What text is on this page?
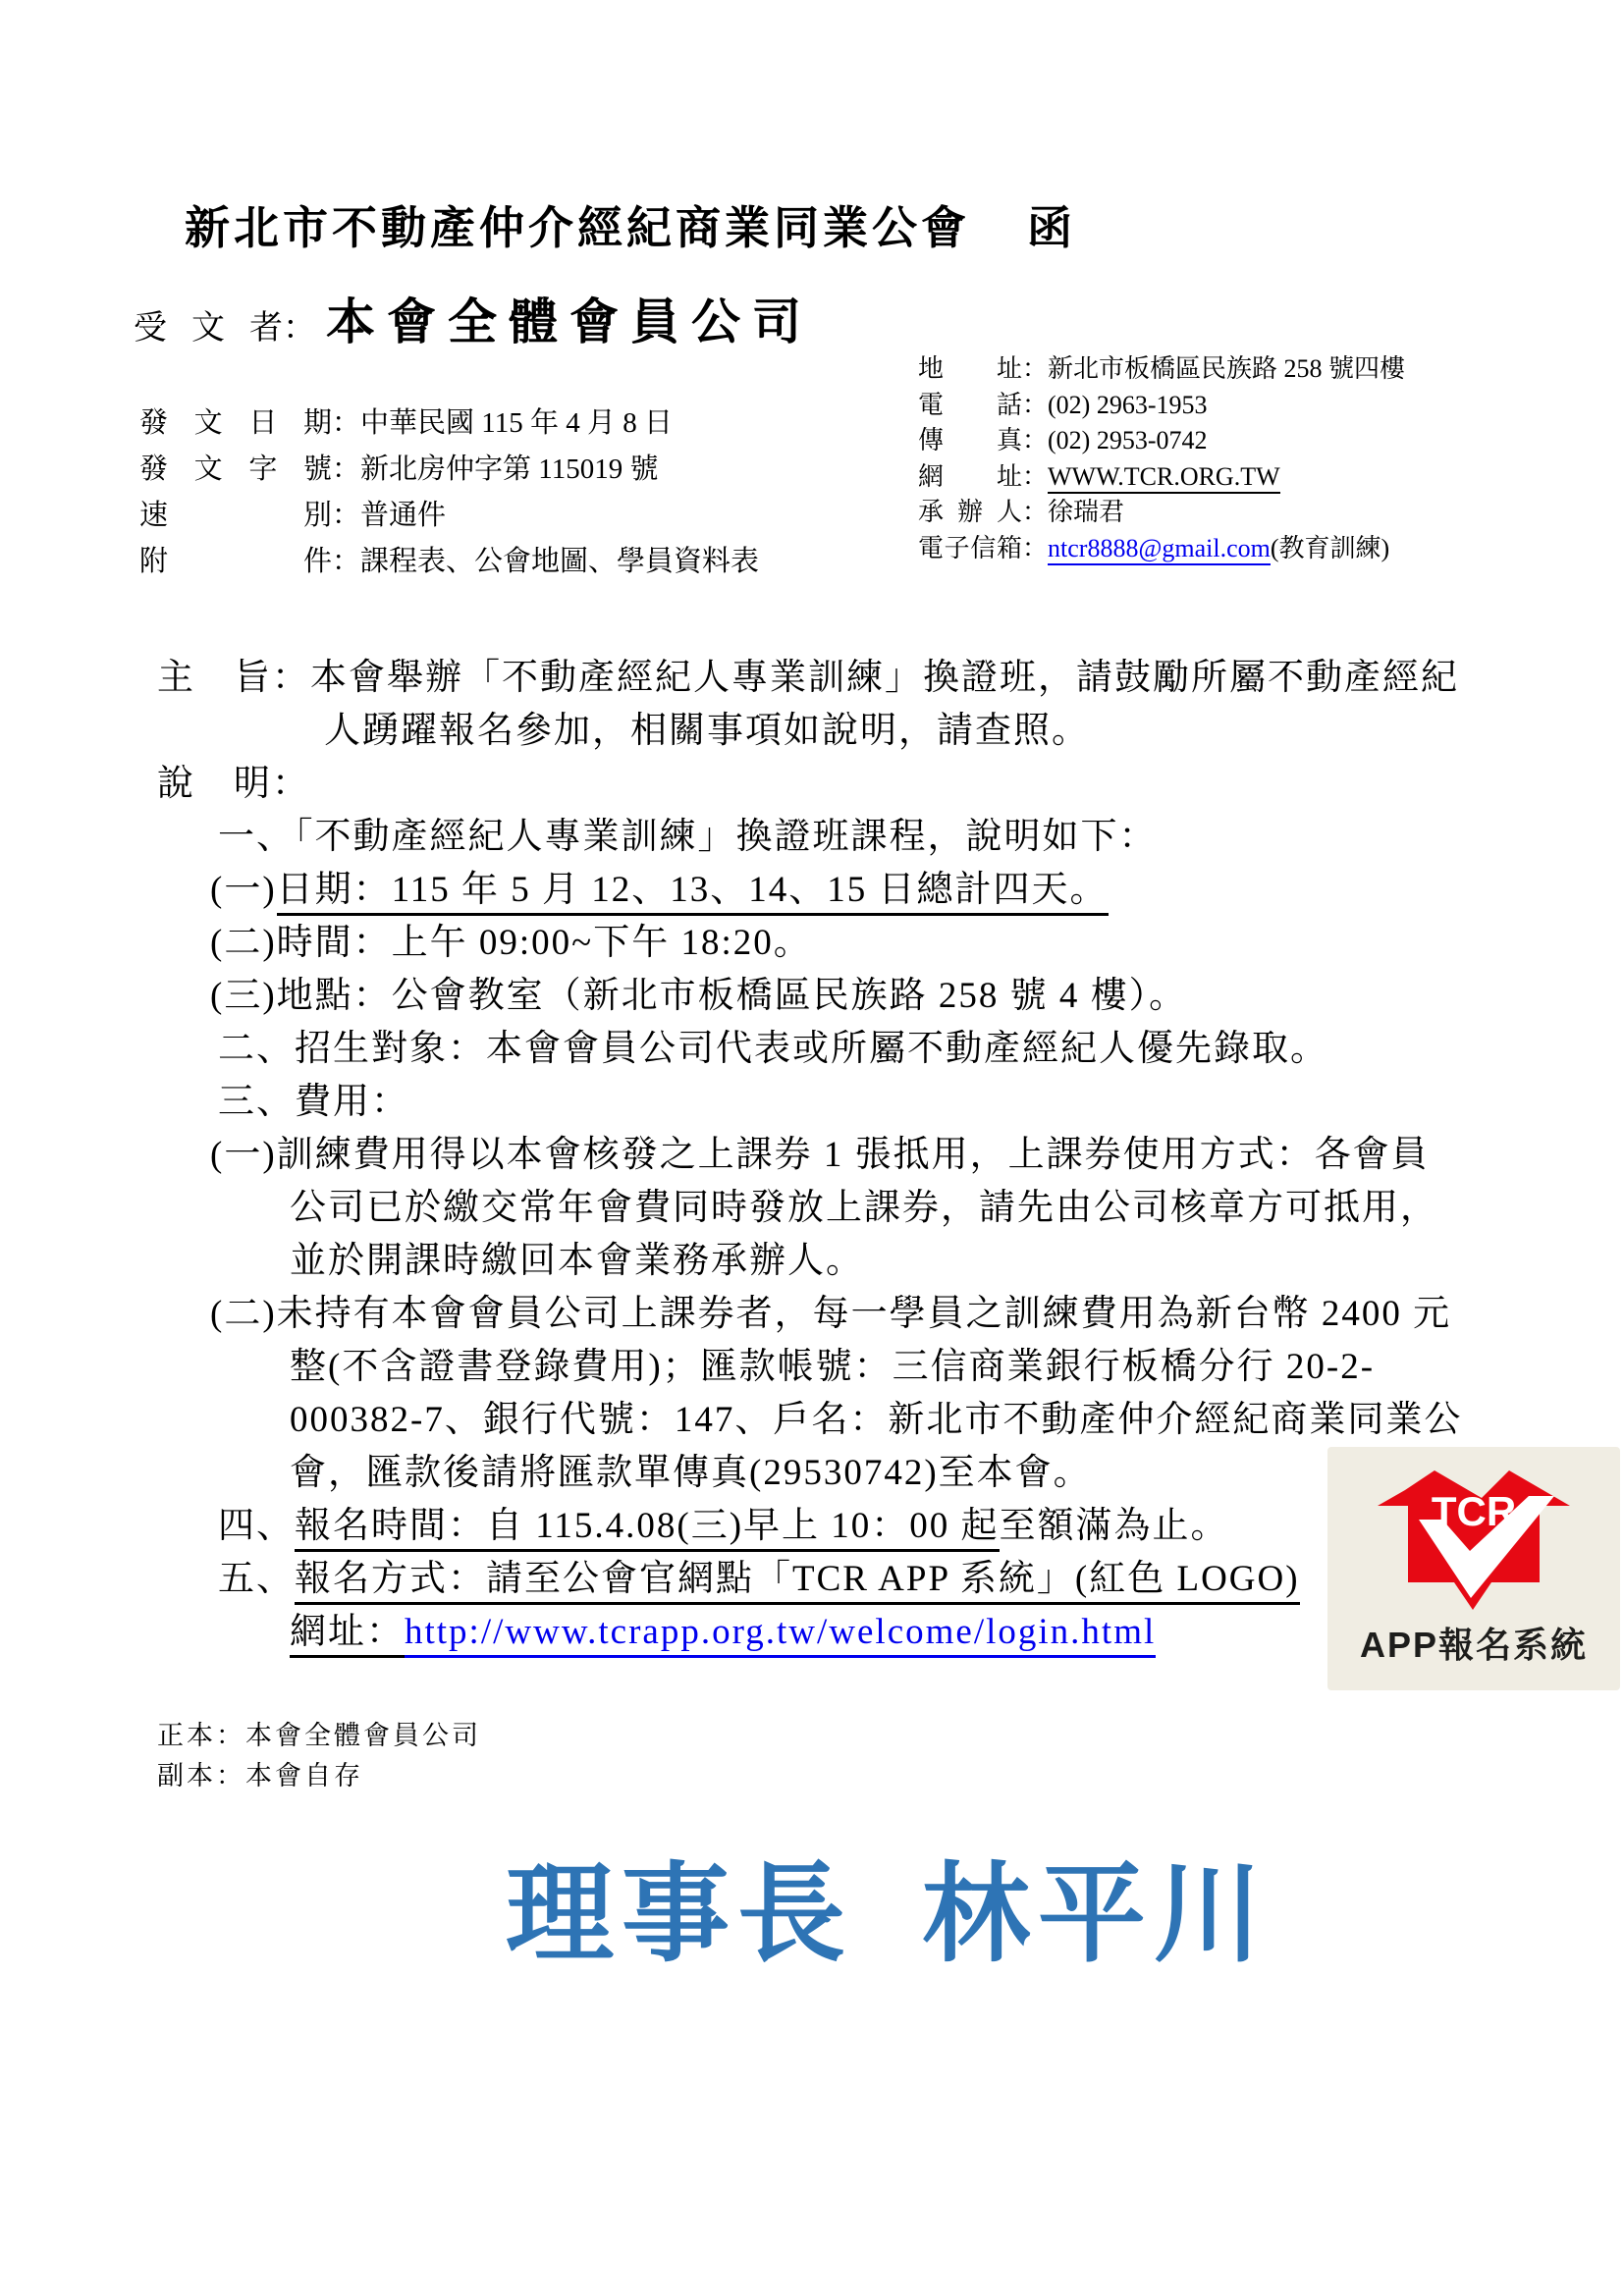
新北市不動產仲介經紀商業同業公會 函
受文者： 本會全體會員公司
發文日期：中華民國 115 年 4 月 8 日
發文字號：新北房仲字第 115019 號
速別：普通件
附件：課程表、公會地圖、學員資料表
地址：新北市板橋區民族路 258 號四樓
電話：(02) 2963-1953
傳真：(02) 2953-0742
網址：WWW.TCR.ORG.TW
承辦人：徐瑞君
電子信箱：ntcr8888@gmail.com(教育訓練)
主　旨：本會舉辦「不動產經紀人專業訓練」換證班，請鼓勵所屬不動產經紀
人踴躍報名參加，相關事項如說明，請查照。
說　明：
一、「不動產經紀人專業訓練」換證班課程，說明如下：
(一)日期：115 年 5 月 12、13、14、15 日總計四天。
(二)時間：上午 09:00~下午 18:20。
(三)地點：公會教室（新北市板橋區民族路 258 號 4 樓）。
二、招生對象：本會會員公司代表或所屬不動產經紀人優先錄取。
三、費用：
(一)訓練費用得以本會核發之上課券 1 張抵用，上課券使用方式：各會員
公司已於繳交常年會費同時發放上課券，請先由公司核章方可抵用，
並於開課時繳回本會業務承辦人。
(二)未持有本會會員公司上課券者，每一學員之訓練費用為新台幣 2400 元
整(不含證書登錄費用)；匯款帳號：三信商業銀行板橋分行 20-2-
000382-7、銀行代號：147、戶名：新北市不動產仲介經紀商業同業公
會，匯款後請將匯款單傳真(29530742)至本會。
四、報名時間：自 115.4.08(三)早上 10：00 起至額滿為止。
五、報名方式：請至公會官網點「TCR APP 系統」(紅色 LOGO)
網址：http://www.tcrapp.org.tw/welcome/login.html
TCR
APP報名系統
正本：本會全體會員公司
副本：本會自存
理事長 林平川
